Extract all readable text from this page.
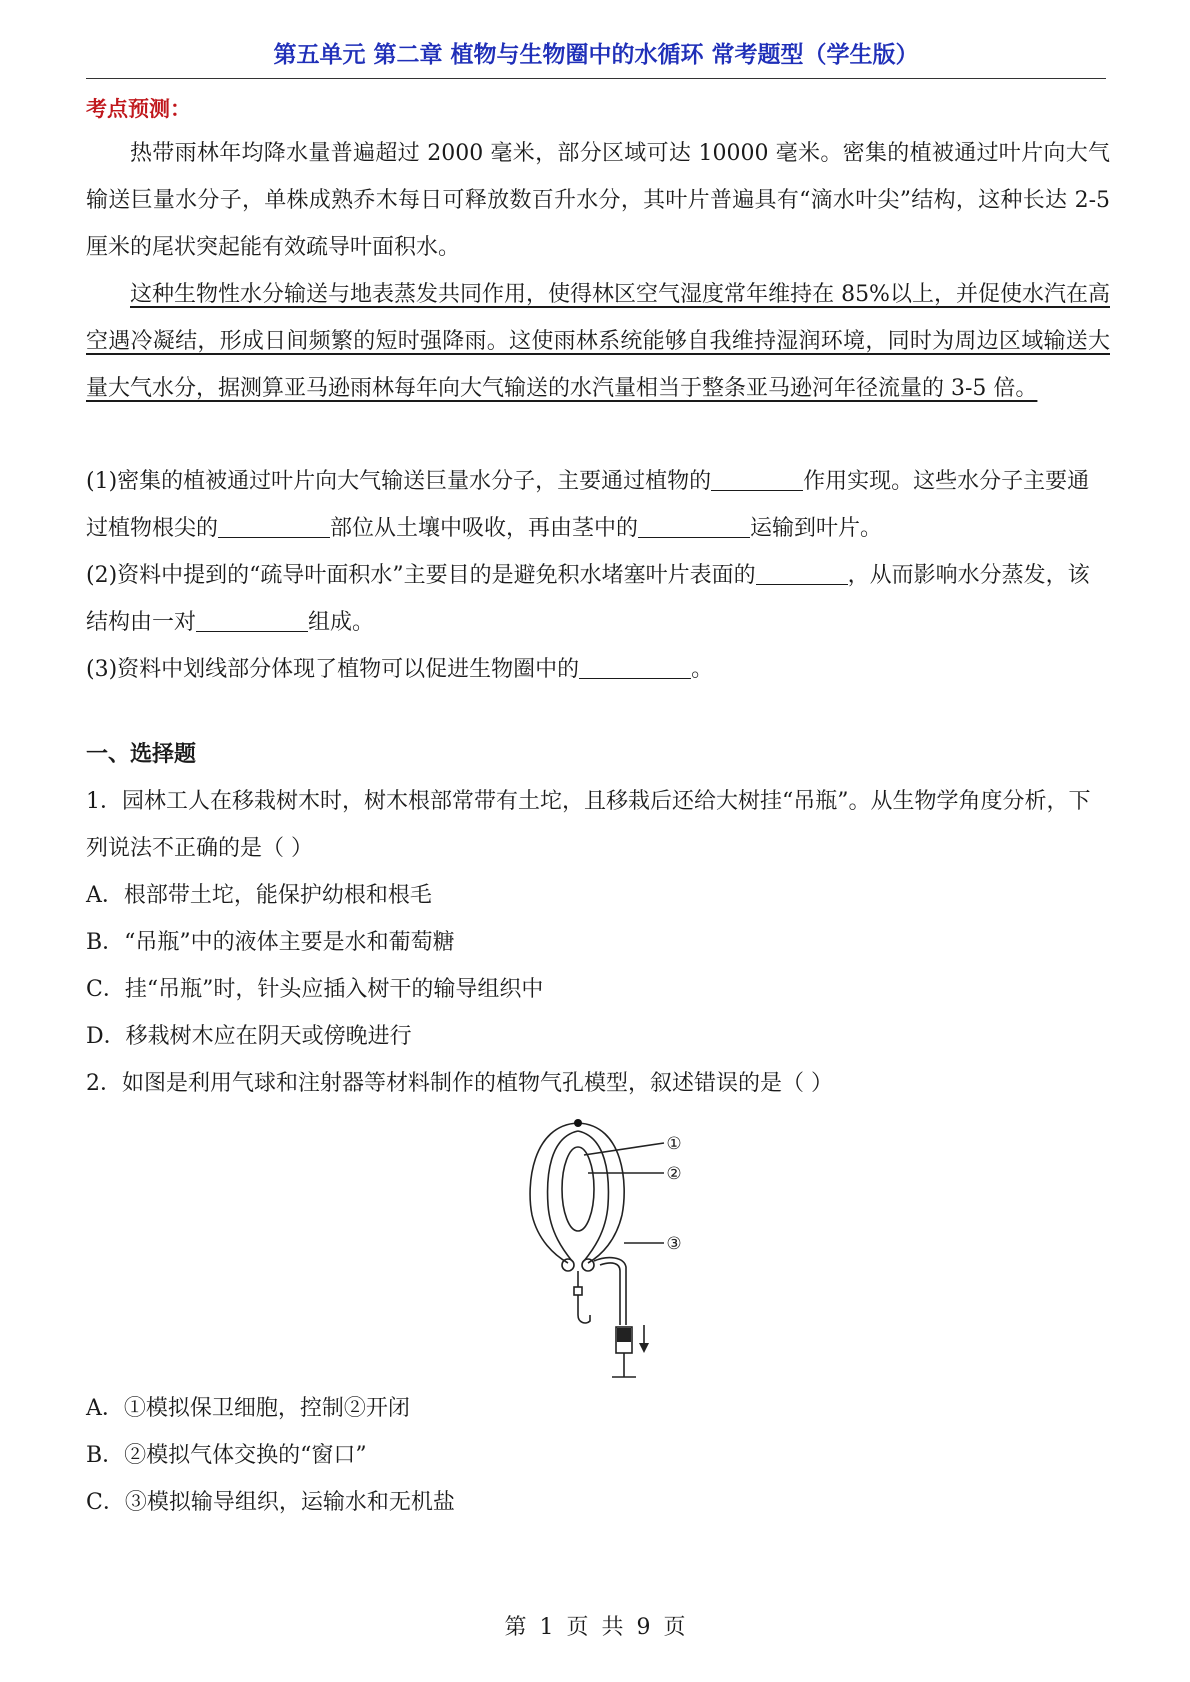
第五单元 第二章 植物与生物圈中的水循环 常考题型（学生版）
考点预测：
热带雨林年均降水量普遍超过 2000 毫米，部分区域可达 10000 毫米。密集的植被通过叶片向大气输送巨量水分子，单株成熟乔木每日可释放数百升水分，其叶片普遍具有“滴水叶尖”结构，这种长达 2-5 厘米的尾状突起能有效疏导叶面积水。
这种生物性水分输送与地表蒸发共同作用，使得林区空气湿度常年维持在 85%以上，并促使水汽在高空遇冷凝结，形成日间频繁的短时强降雨。这使雨林系统能够自我维持湿润环境，同时为周边区域输送大量大气水分，据测算亚马逊雨林每年向大气输送的水汽量相当于整条亚马逊河年径流量的 3-5 倍。
(1)密集的植被通过叶片向大气输送巨量水分子，主要通过植物的	作用实现。这些水分子主要通过植物根尖的	部位从土壤中吸收，再由茎中的	运输到叶片。
(2)资料中提到的“疏导叶面积水”主要目的是避免积水堵塞叶片表面的	，从而影响水分蒸发，该结构由一对	组成。
(3)资料中划线部分体现了植物可以促进生物圈中的	。
一、选择题
1．园林工人在移栽树木时，树木根部常带有土坨，且移栽后还给大树挂“吊瓶”。从生物学角度分析，下列说法不正确的是（ ）
A．根部带土坨，能保护幼根和根毛
B．“吊瓶”中的液体主要是水和葡萄糖
C．挂“吊瓶”时，针头应插入树干的输导组织中
D．移栽树木应在阴天或傍晚进行
2．如图是利用气球和注射器等材料制作的植物气孔模型，叙述错误的是（ ）
①
②
③
A．①模拟保卫细胞，控制②开闭
B．②模拟气体交换的“窗口”
C．③模拟输导组织，运输水和无机盐
第 1 页 共 9 页
